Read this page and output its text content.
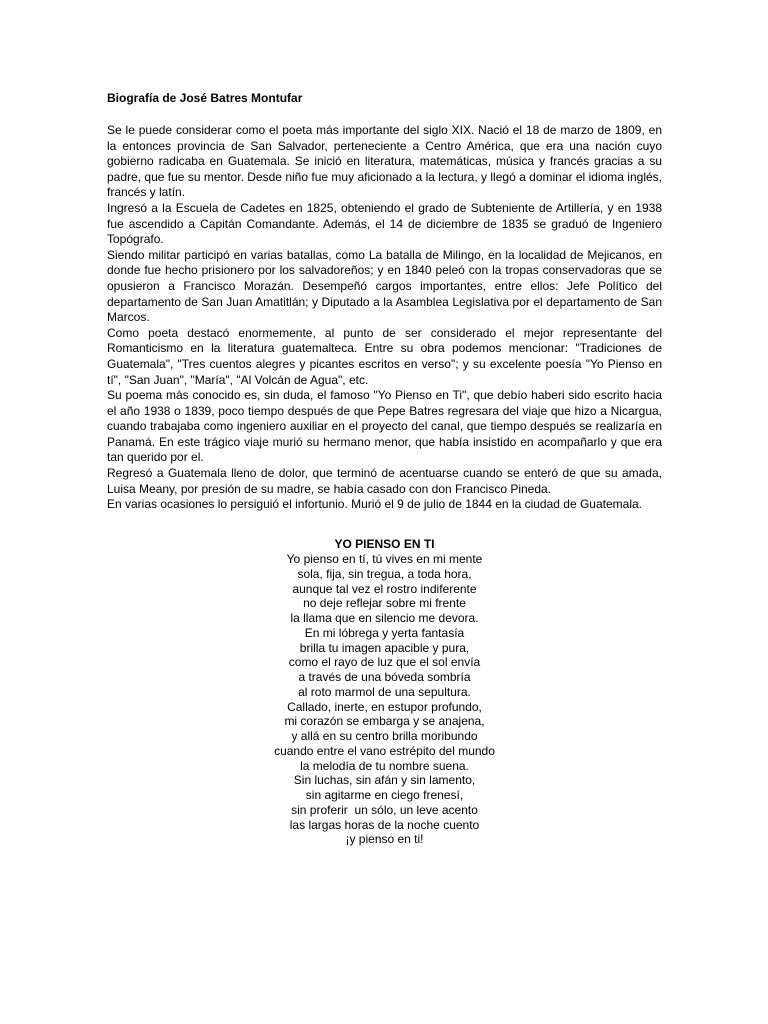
Biografía de José Batres Montufar

Se le puede considerar como el poeta más importante del siglo XIX. Nació el 18 de marzo de 1809, en la entonces provincia de San Salvador, perteneciente a Centro América, que era una nación cuyo gobierno radicaba en Guatemala. Se inició en literatura, matemáticas, música y francés gracias a su padre, que fue su mentor. Desde niño fue muy aficionado a la lectura, y llegó a dominar el idioma inglés, francés y latín.

Ingresó a la Escuela de Cadetes en 1825, obteniendo el grado de Subteniente de Artillería, y en 1938 fue ascendido a Capitán Comandante. Además, el 14 de diciembre de 1835 se graduó de Ingeniero Topógrafo.

Siendo militar participó en varias batallas, como La batalla de Milingo, en la localidad de Mejicanos, en donde fue hecho prisionero por los salvadoreños; y en 1840 peleó con la tropas conservadoras que se opusieron a Francisco Morazán. Desempeñó cargos importantes, entre ellos: Jefe Político del departamento de San Juan Amatitlán; y Diputado a la Asamblea Legislativa por el departamento de San Marcos.

Como poeta destacó enormemente, al punto de ser considerado el mejor representante del Romanticismo en la literatura guatemalteca. Entre su obra podemos mencionar: "Tradiciones de Guatemala", "Tres cuentos alegres y picantes escritos en verso"; y su excelente poesía "Yo Pienso en tí", "San Juan", "María", "Al Volcán de Agua", etc.

Su poema más conocido es, sin duda, el famoso "Yo Pienso en Ti", que debío haberi sido escrito hacia el año 1938 o 1839, poco tiempo después de que Pepe Batres regresara del viaje que hizo a Nicargua, cuando trabajaba como ingeniero auxiliar en el proyecto del canal, que tiempo después se realizaría en Panamá. En este trágico viaje murió su hermano menor, que había insistido en acompañarlo y que era tan querido por el.

Regresó a Guatemala lleno de dolor, que terminó de acentuarse cuando se enteró de que su amada, Luisa Meany, por presión de su madre, se había casado con don Francisco Pineda.

En varias ocasiones lo persiguió el infortunio. Murió el 9 de julio de 1844 en la ciudad de Guatemala.

YO PIENSO EN TI
Yo pienso en tí, tú vives en mi mente
sola, fija, sin tregua, a toda hora,
aunque tal vez el rostro indiferente
no deje reflejar sobre mi frente
la llama que en silencio me devora.
En mi lóbrega y yerta fantasía
brilla tu imagen apacible y pura,
como el rayo de luz que el sol envía
a través de una bóveda sombría
al roto marmol de una sepultura.
Callado, inerte, en estupor profundo,
mi corazón se embarga y se anajena,
y allá en su centro brilla moribundo
cuando entre el vano estrépito del mundo
la melodía de tu nombre suena.
Sin luchas, sin afán y sin lamento,
sin agitarme en ciego frenesí,
sin proferir  un sólo, un leve acento
las largas horas de la noche cuento
¡y pienso en ti!
